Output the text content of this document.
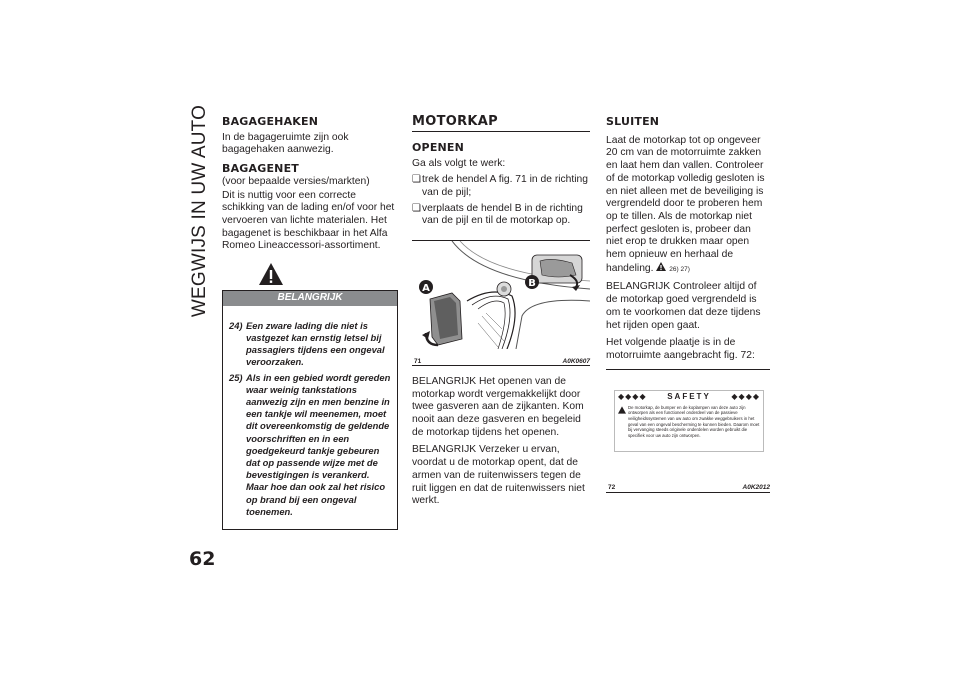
WEGWIJS IN UW AUTO BAGAGEHAKEN

In de bagageruimte zijn ook bagagehaken aanwezig.

BAGAGENET

(voor bepaalde versies/markten)

Dit is nuttig voor een correcte schikking van de lading en/of voor het vervoeren van lichte materialen. Het bagagenet is beschikbaar in het Alfa Romeo Lineaccessori-assortiment.

BELANGRIJK
24) Een zware lading die niet is vastgezet kan ernstig letsel bij passagiers tijdens een ongeval veroorzaken.
25) Als in een gebied wordt gereden waar weinig tankstations aanwezig zijn en men benzine in een tankje wil meenemen, moet dit overeenkomstig de geldende voorschriften en in een goedgekeurd tankje gebeuren dat op passende wijze met de bevestigingen is verankerd. Maar hoe dan ook zal het risico op brand bij een ongeval toenemen.
MOTORKAP
OPENEN

Ga als volgt te werk:

❏ trek de hendel A fig. 71 in de richting van de pijl;
❏ verplaats de hendel B in de richting van de pijl en til de motorkap op.
A	B
71	A0K0607

BELANGRIJK Het openen van de motorkap wordt vergemakkelijkt door twee gasveren aan de zijkanten. Kom nooit aan deze gasveren en begeleid de motorkap tijdens het openen.

BELANGRIJK Verzeker u ervan, voordat u de motorkap opent, dat de armen van de ruitenwissers tegen de ruit liggen en dat de ruitenwissers niet werkt.

SLUITEN

Laat de motorkap tot op ongeveer 20 cm van de motorruimte zakken en laat hem dan vallen. Controleer of de motorkap volledig gesloten is en niet alleen met de beveiliging is vergrendeld door te proberen hem op te tillen. Als de motorkap niet perfect gesloten is, probeer dan niet erop te drukken maar open hem opnieuw en herhaal de handeling. 26) 27)

BELANGRIJK Controleer altijd of de motorkap goed vergrendeld is om te voorkomen dat deze tijdens het rijden open gaat.

Het volgende plaatje is in de motorruimte aangebracht fig. 72:

◆◆◆◆	SAFETY	◆◆◆◆
De motorkap, de bumper en de koplampen van deze auto zijn ontworpen als een functioneel onderdeel van de passieve veiligheidssystemen van uw auto om zwakke weggebruikers in het geval van een ongeval bescherming te kunnen bieden. Daarom moet bij vervanging steeds originele onderdelen worden gebruikt die specifiek voor uw auto zijn ontworpen.
72	A0K2012
62
